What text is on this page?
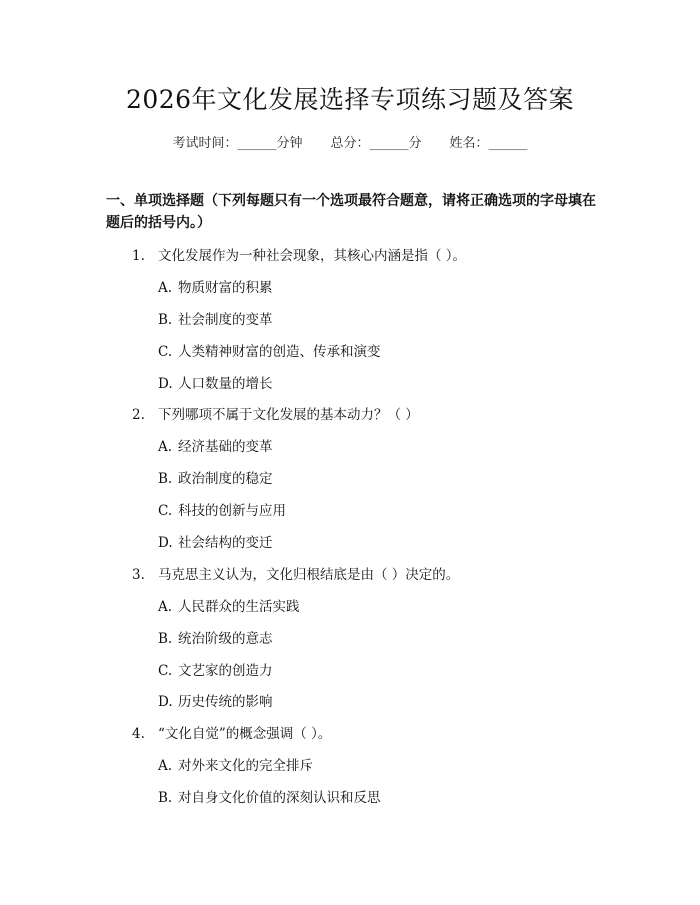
2026年文化发展选择专项练习题及答案
考试时间：______分钟 总分：______分 姓名：______
一、单项选择题（下列每题只有一个选项最符合题意，请将正确选项的字母填在题后的括号内。）
1. 文化发展作为一种社会现象，其核心内涵是指（ ）。
A. 物质财富的积累
B. 社会制度的变革
C. 人类精神财富的创造、传承和演变
D. 人口数量的增长
2. 下列哪项不属于文化发展的基本动力？（ ）
A. 经济基础的变革
B. 政治制度的稳定
C. 科技的创新与应用
D. 社会结构的变迁
3. 马克思主义认为，文化归根结底是由（ ）决定的。
A. 人民群众的生活实践
B. 统治阶级的意志
C. 文艺家的创造力
D. 历史传统的影响
4. “文化自觉”的概念强调（ ）。
A. 对外来文化的完全排斥
B. 对自身文化价值的深刻认识和反思
